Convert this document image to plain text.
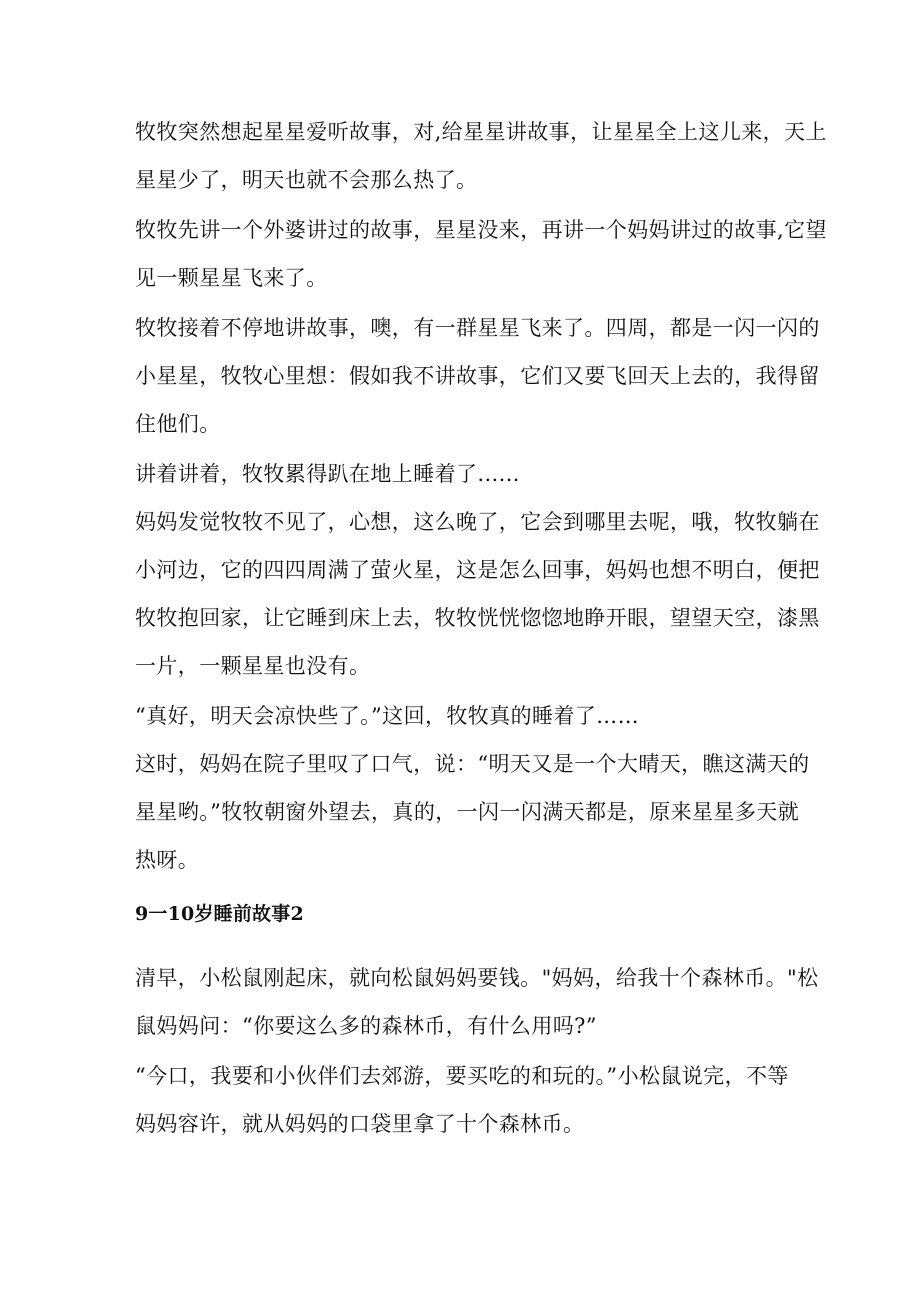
牧牧突然想起星星爱听故事，对,给星星讲故事，让星星全上这儿来，天上
星星少了，明天也就不会那么热了。

牧牧先讲一个外婆讲过的故事，星星没来，再讲一个妈妈讲过的故事,它望
见一颗星星飞来了。

牧牧接着不停地讲故事，噢，有一群星星飞来了。四周，都是一闪一闪的
小星星，牧牧心里想：假如我不讲故事，它们又要飞回天上去的，我得留
住他们。

讲着讲着，牧牧累得趴在地上睡着了......

妈妈发觉牧牧不见了，心想，这么晚了，它会到哪里去呢，哦，牧牧躺在
小河边，它的四四周满了萤火星，这是怎么回事，妈妈也想不明白，便把
牧牧抱回家，让它睡到床上去，牧牧恍恍惚惚地睁开眼，望望天空，漆黑
一片，一颗星星也没有。

“真好，明天会凉快些了。”这回，牧牧真的睡着了……

这时，妈妈在院子里叹了口气，说：“明天又是一个大晴天，瞧这满天的
星星哟。”牧牧朝窗外望去，真的，一闪一闪满天都是，原来星星多天就
热呀。

9一10岁睡前故事2

清早，小松鼠刚起床，就向松鼠妈妈要钱。"妈妈，给我十个森林币。"松
鼠妈妈问：“你要这么多的森林币，有什么用吗?”

“今口，我要和小伙伴们去郊游，要买吃的和玩的。”小松鼠说完，不等
妈妈容许，就从妈妈的口袋里拿了十个森林币。
